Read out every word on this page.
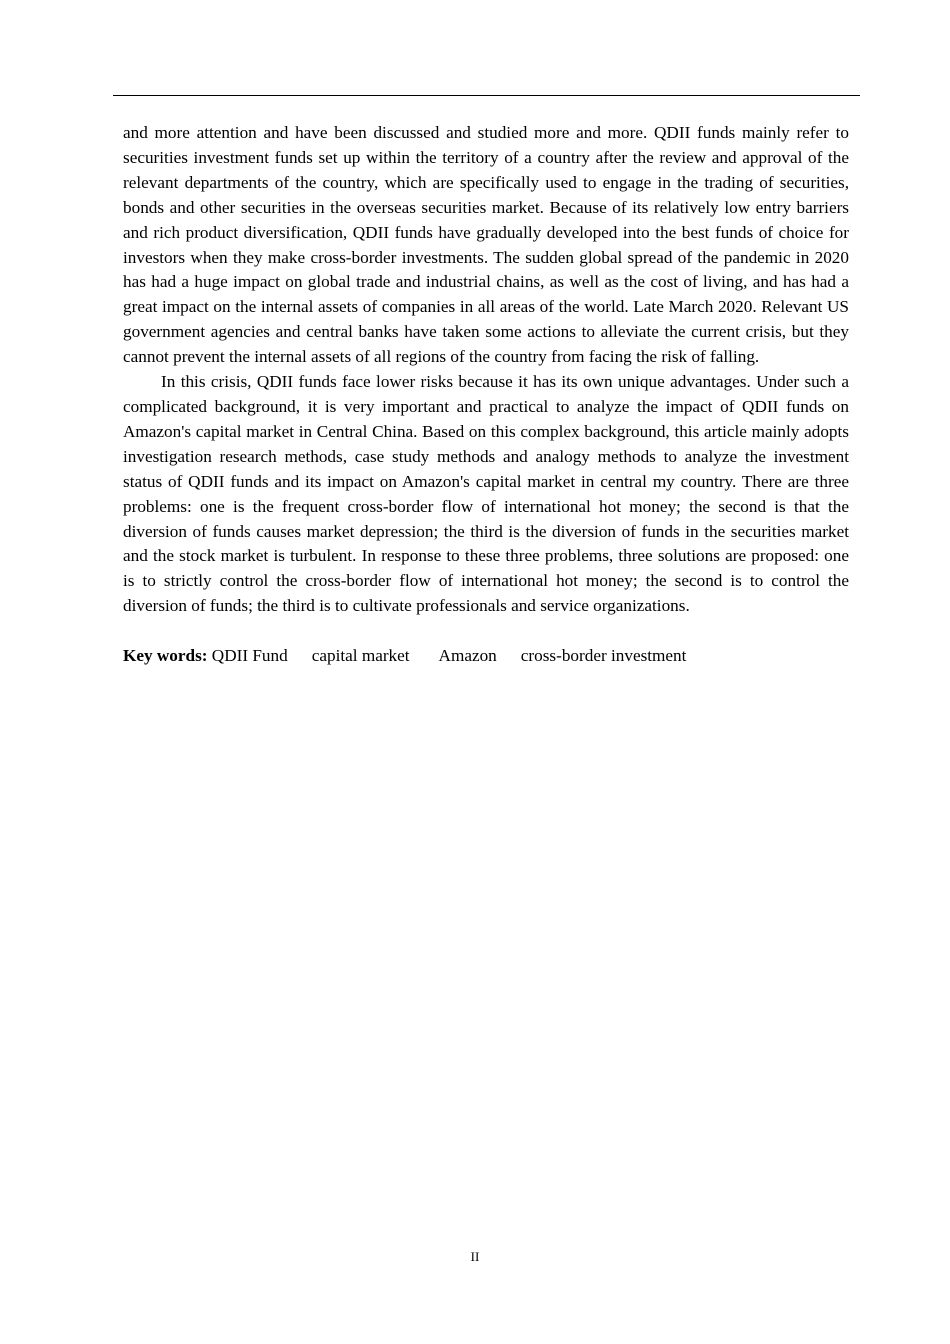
and more attention and have been discussed and studied more and more. QDII funds mainly refer to securities investment funds set up within the territory of a country after the review and approval of the relevant departments of the country, which are specifically used to engage in the trading of securities, bonds and other securities in the overseas securities market. Because of its relatively low entry barriers and rich product diversification, QDII funds have gradually developed into the best funds of choice for investors when they make cross-border investments. The sudden global spread of the pandemic in 2020 has had a huge impact on global trade and industrial chains, as well as the cost of living, and has had a great impact on the internal assets of companies in all areas of the world. Late March 2020. Relevant US government agencies and central banks have taken some actions to alleviate the current crisis, but they cannot prevent the internal assets of all regions of the country from facing the risk of falling.

In this crisis, QDII funds face lower risks because it has its own unique advantages. Under such a complicated background, it is very important and practical to analyze the impact of QDII funds on Amazon's capital market in Central China. Based on this complex background, this article mainly adopts investigation research methods, case study methods and analogy methods to analyze the investment status of QDII funds and its impact on Amazon's capital market in central my country. There are three problems: one is the frequent cross-border flow of international hot money; the second is that the diversion of funds causes market depression; the third is the diversion of funds in the securities market and the stock market is turbulent. In response to these three problems, three solutions are proposed: one is to strictly control the cross-border flow of international hot money; the second is to control the diversion of funds; the third is to cultivate professionals and service organizations.

Key words: QDII Fund capital market Amazon cross-border investment

II
